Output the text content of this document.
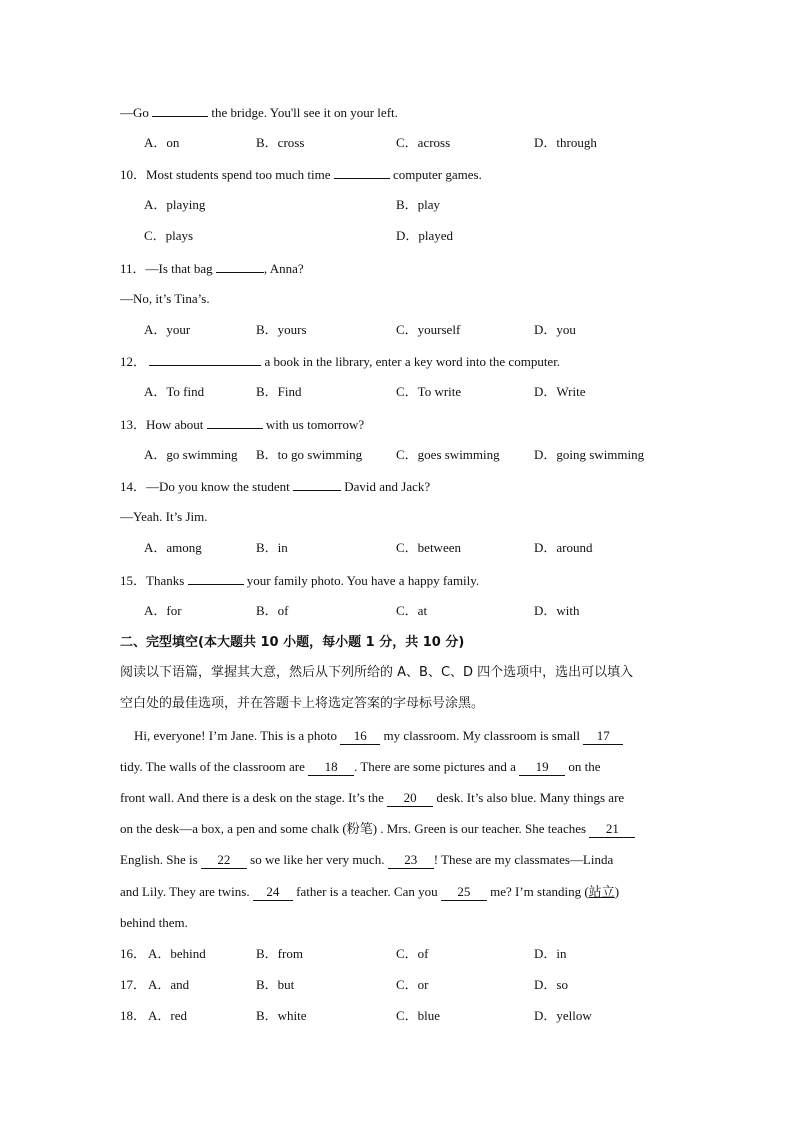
—Go	the bridge. You'll see it on your left.
A．on	B．cross	C．across	D．through
10．Most students spend too much time	computer games.
A．playing	B．play
C．plays	D．played
11．—Is that bag	, Anna?
—No, it’s Tina’s.
A．your	B．yours	C．yourself	D．you
12．	a book in the library, enter a key word into the computer.
A．To find	B．Find	C．To write	D．Write
13．How about	with us tomorrow?
A．go swimming B．to go swimming	C．goes swimming	D．going swimming
14．—Do you know the student	David and Jack?
—Yeah. It’s Jim.
A．among	B．in	C．between	D．around
15．Thanks	your family photo. You have a happy family.
A．for	B．of	C．at	D．with
二、完型填空(本大题共 10 小题，每小题 1 分，共 10 分)
阅读以下语篇，掌握其大意，然后从下列所给的 A、B、C、D 四个选项中，选出可以填入
空白处的最佳选项，并在答题卡上将选定答案的字母标号涂黑。
Hi, everyone! I’m Jane. This is a photo 16 my classroom. My classroom is small 17
tidy. The walls of the classroom are 18 . There are some pictures and a 19 on the
front wall. And there is a desk on the stage. It’s the 20 desk. It’s also blue. Many things are
on the desk—a box, a pen and some chalk (粉笔) . Mrs. Green is our teacher. She teaches 21
English. She is 22 so we like her very much. 23 ! These are my classmates—Linda
and Lily. They are twins. 24 father is a teacher. Can you 25 me? I’m standing (站立)
behind them.
16． A．behind	B．from	C．of	D．in
17． A．and	B．but	C．or	D．so
18． A．red	B．white	C．blue	D．yellow
